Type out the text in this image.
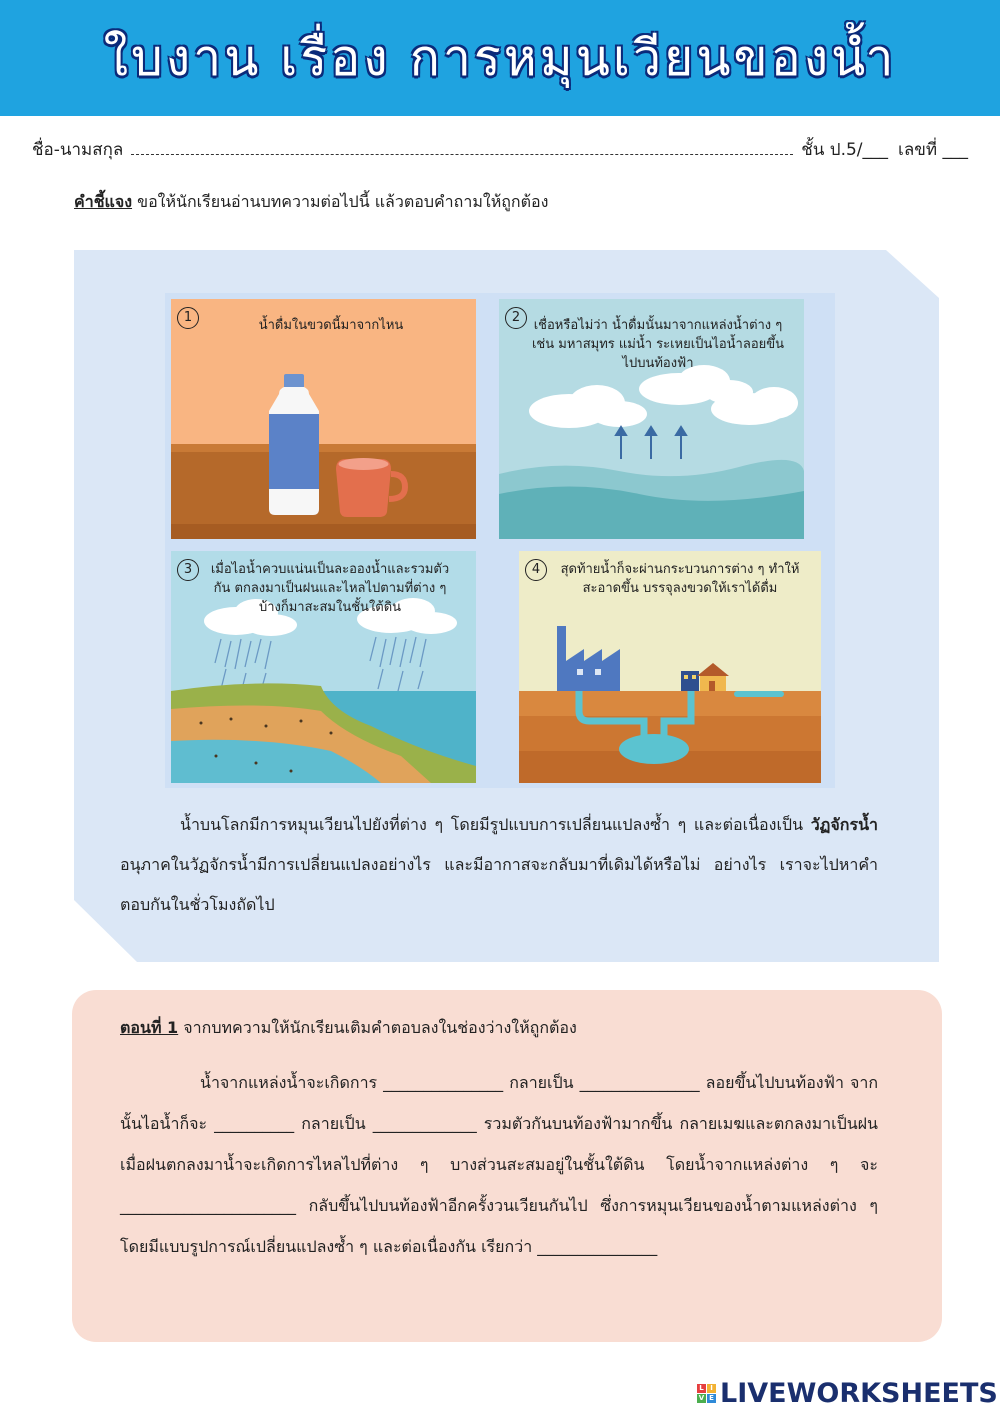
ใบงาน เรื่อง การหมุนเวียนของน้ำ
ชื่อ-นามสกุล	ชั้น ป.5/___ เลขที่ ___
คำชี้แจง ขอให้นักเรียนอ่านบทความต่อไปนี้ แล้วตอบคำถามให้ถูกต้อง
1
น้ำดื่มในขวดนี้มาจากไหน
2
เชื่อหรือไม่ว่า น้ำดื่มนั้นมาจากแหล่งน้ำต่าง ๆ เช่น มหาสมุทร แม่น้ำ ระเหยเป็นไอน้ำลอยขึ้นไปบนท้องฟ้า
3	เมื่อไอน้ำควบแน่นเป็นละอองน้ำและรวมตัวกัน ตกลงมาเป็นฝนและไหลไปตามที่ต่าง ๆ บ้างก็มาสะสมในชั้นใต้ดิน
4	สุดท้ายน้ำก็จะผ่านกระบวนการต่าง ๆ ทำให้สะอาดขึ้น บรรจุลงขวดให้เราได้ดื่ม
น้ำบนโลกมีการหมุนเวียนไปยังที่ต่าง ๆ โดยมีรูปแบบการเปลี่ยนแปลงซ้ำ ๆ และต่อเนื่องเป็น วัฏจักรน้ำ อนุภาคในวัฏจักรน้ำมีการเปลี่ยนแปลงอย่างไร และมีอากาสจะกลับมาที่เดิมได้หรือไม่ อย่างไร เราจะไปหาคำตอบกันในชั่วโมงถัดไป
ตอนที่ 1 จากบทความให้นักเรียนเติมคำตอบลงในช่องว่างให้ถูกต้อง
น้ำจากแหล่งน้ำจะเกิดการ _______________ กลายเป็น _______________ ลอยขึ้นไปบนท้องฟ้า จากนั้นไอน้ำก็จะ __________ กลายเป็น _____________ รวมตัวกันบนท้องฟ้ามากขึ้น กลายเมฆและตกลงมาเป็นฝน เมื่อฝนตกลงมาน้ำจะเกิดการไหลไปที่ต่าง ๆ บางส่วนสะสมอยู่ในชั้นใต้ดิน โดยน้ำจากแหล่งต่าง ๆ จะ ______________________ กลับขึ้นไปบนท้องฟ้าอีกครั้งวนเวียนกันไป ซึ่งการหมุนเวียนของน้ำตามแหล่งต่าง ๆ โดยมีแบบรูปการณ์เปลี่ยนแปลงซ้ำ ๆ และต่อเนื่องกัน เรียกว่า _______________
L I
V E LIVEWORKSHEETS
